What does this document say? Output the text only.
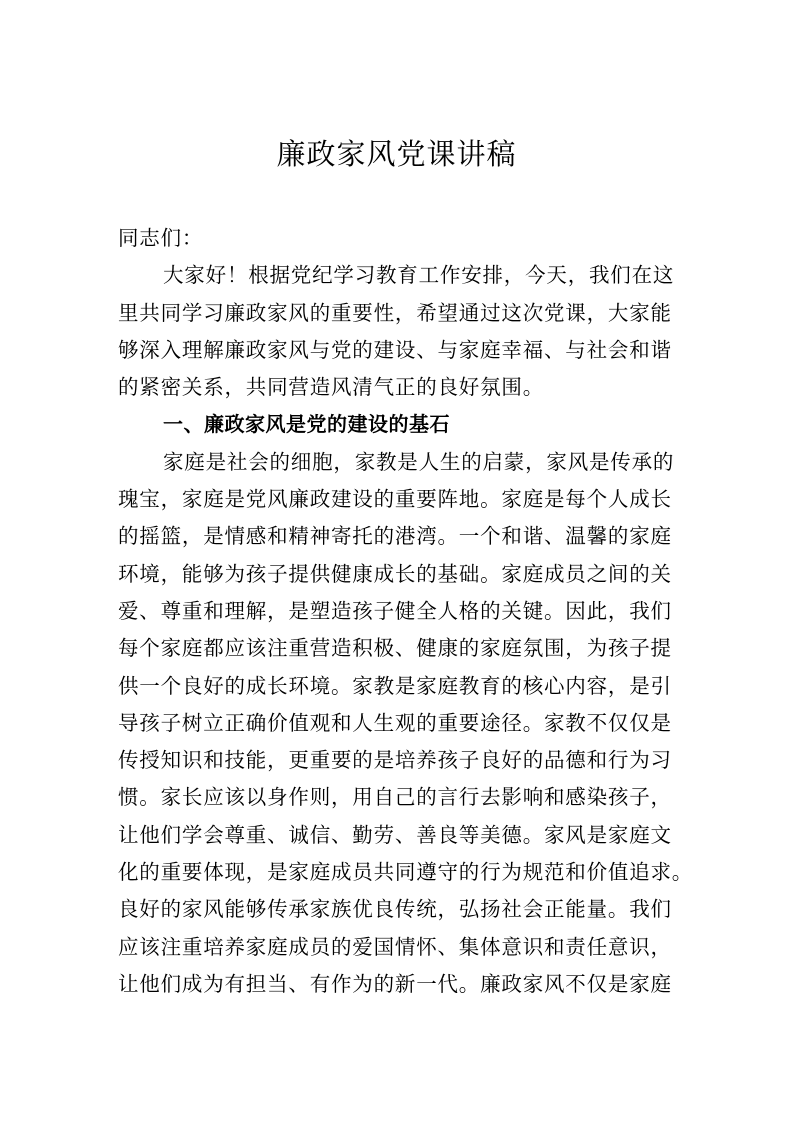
廉政家风党课讲稿
同志们：
大家好！根据党纪学习教育工作安排，今天，我们在这
里共同学习廉政家风的重要性，希望通过这次党课，大家能
够深入理解廉政家风与党的建设、与家庭幸福、与社会和谐
的紧密关系，共同营造风清气正的良好氛围。
一、廉政家风是党的建设的基石
家庭是社会的细胞，家教是人生的启蒙，家风是传承的
瑰宝，家庭是党风廉政建设的重要阵地。家庭是每个人成长
的摇篮，是情感和精神寄托的港湾。一个和谐、温馨的家庭
环境，能够为孩子提供健康成长的基础。家庭成员之间的关
爱、尊重和理解，是塑造孩子健全人格的关键。因此，我们
每个家庭都应该注重营造积极、健康的家庭氛围，为孩子提
供一个良好的成长环境。家教是家庭教育的核心内容，是引
导孩子树立正确价值观和人生观的重要途径。家教不仅仅是
传授知识和技能，更重要的是培养孩子良好的品德和行为习
惯。家长应该以身作则，用自己的言行去影响和感染孩子，
让他们学会尊重、诚信、勤劳、善良等美德。家风是家庭文
化的重要体现，是家庭成员共同遵守的行为规范和价值追求。
良好的家风能够传承家族优良传统，弘扬社会正能量。我们
应该注重培养家庭成员的爱国情怀、集体意识和责任意识，
让他们成为有担当、有作为的新一代。廉政家风不仅是家庭
